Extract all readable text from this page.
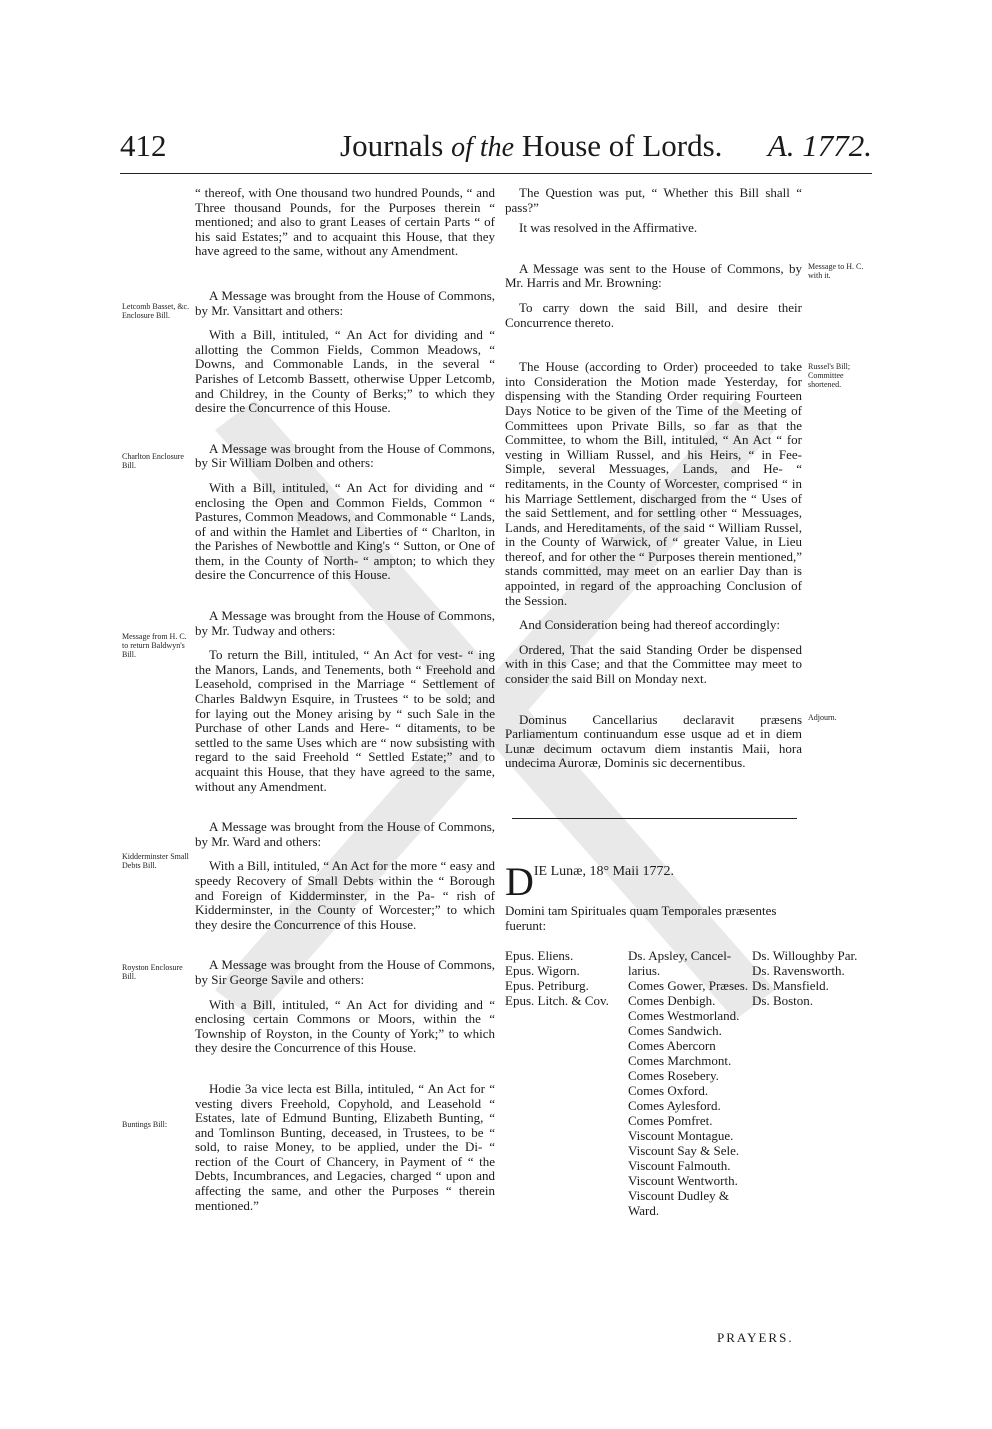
412	Journals of the House of Lords. A. 1772.
Letcomb Basset, &c. Enclosure Bill.
Charlton Enclosure Bill.
Message from H. C. to return Baldwyn's Bill.
Kidderminster Small Debts Bill.
Royston Enclosure Bill.
Buntings Bill:
Message to H. C. with it.
Russel's Bill; Committee shortened.
Adjourn.

“ thereof, with One thousand two hundred Pounds, “ and Three thousand Pounds, for the Purposes therein “ mentioned; and also to grant Leases of certain Parts “ of his said Estates;” and to acquaint this House, that they have agreed to the same, without any Amendment.

A Message was brought from the House of Commons, by Mr. Vansittart and others:

With a Bill, intituled, “ An Act for dividing and “ allotting the Common Fields, Common Meadows, “ Downs, and Commonable Lands, in the several “ Parishes of Letcomb Bassett, otherwise Upper Letcomb, and Childrey, in the County of Berks;” to which they desire the Concurrence of this House.

A Message was brought from the House of Commons, by Sir William Dolben and others:

With a Bill, intituled, “ An Act for dividing and “ enclosing the Open and Common Fields, Common “ Pastures, Common Meadows, and Commonable “ Lands, of and within the Hamlet and Liberties of “ Charlton, in the Parishes of Newbottle and King's “ Sutton, or One of them, in the County of North- “ ampton; to which they desire the Concurrence of this House.

A Message was brought from the House of Commons, by Mr. Tudway and others:

To return the Bill, intituled, “ An Act for vest- “ ing the Manors, Lands, and Tenements, both “ Freehold and Leasehold, comprised in the Marriage “ Settlement of Charles Baldwyn Esquire, in Trustees “ to be sold; and for laying out the Money arising by “ such Sale in the Purchase of other Lands and Here- “ ditaments, to be settled to the same Uses which are “ now subsisting with regard to the said Freehold “ Settled Estate;” and to acquaint this House, that they have agreed to the same, without any Amendment.

A Message was brought from the House of Commons, by Mr. Ward and others:

With a Bill, intituled, “ An Act for the more “ easy and speedy Recovery of Small Debts within the “ Borough and Foreign of Kidderminster, in the Pa- “ rish of Kidderminster, in the County of Worcester;” to which they desire the Concurrence of this House.

A Message was brought from the House of Commons, by Sir George Savile and others:

With a Bill, intituled, “ An Act for dividing and “ enclosing certain Commons or Moors, within the “ Township of Royston, in the County of York;” to which they desire the Concurrence of this House.

Hodie 3a vice lecta est Billa, intituled, “ An Act for “ vesting divers Freehold, Copyhold, and Leasehold “ Estates, late of Edmund Bunting, Elizabeth Bunting, “ and Tomlinson Bunting, deceased, in Trustees, to be “ sold, to raise Money, to be applied, under the Di- “ rection of the Court of Chancery, in Payment of “ the Debts, Incumbrances, and Legacies, charged “ upon and affecting the same, and other the Purposes “ therein mentioned.”

The Question was put, “ Whether this Bill shall “ pass?”

It was resolved in the Affirmative.

A Message was sent to the House of Commons, by Mr. Harris and Mr. Browning:

To carry down the said Bill, and desire their Concurrence thereto.

The House (according to Order) proceeded to take into Consideration the Motion made Yesterday, for dispensing with the Standing Order requiring Fourteen Days Notice to be given of the Time of the Meeting of Committees upon Private Bills, so far as that the Committee, to whom the Bill, intituled, “ An Act “ for vesting in William Russel, and his Heirs, “ in Fee-Simple, several Messuages, Lands, and He- “ reditaments, in the County of Worcester, comprised “ in his Marriage Settlement, discharged from the “ Uses of the said Settlement, and for settling other “ Messuages, Lands, and Hereditaments, of the said “ William Russel, in the County of Warwick, of “ greater Value, in Lieu thereof, and for other the “ Purposes therein mentioned,” stands committed, may meet on an earlier Day than is appointed, in regard of the approaching Conclusion of the Session.

And Consideration being had thereof accordingly:

Ordered, That the said Standing Order be dispensed with in this Case; and that the Committee may meet to consider the said Bill on Monday next.

Dominus Cancellarius declaravit præsens Parliamentum continuandum esse usque ad et in diem Lunæ decimum octavum diem instantis Maii, hora undecima Auroræ, Dominis sic decernentibus.

DIE Lunæ, 18° Maii 1772.
Domini tam Spirituales quam Temporales præsentes fuerunt:
Epus. Eliens.
Epus. Wigorn.
Epus. Petriburg.
Epus. Litch. & Cov.
Ds. Apsley, Cancel-
larius.
Comes Gower, Præses.
Comes Denbigh.
Comes Westmorland.
Comes Sandwich.
Comes Abercorn
Comes Marchmont.
Comes Rosebery.
Comes Oxford.
Comes Aylesford.
Comes Pomfret.
Viscount Montague.
Viscount Say & Sele.
Viscount Falmouth.
Viscount Wentworth.
Viscount Dudley &
Ward.
Ds. Willoughby Par.
Ds. Ravensworth.
Ds. Mansfield.
Ds. Boston.
PRAYERS.
